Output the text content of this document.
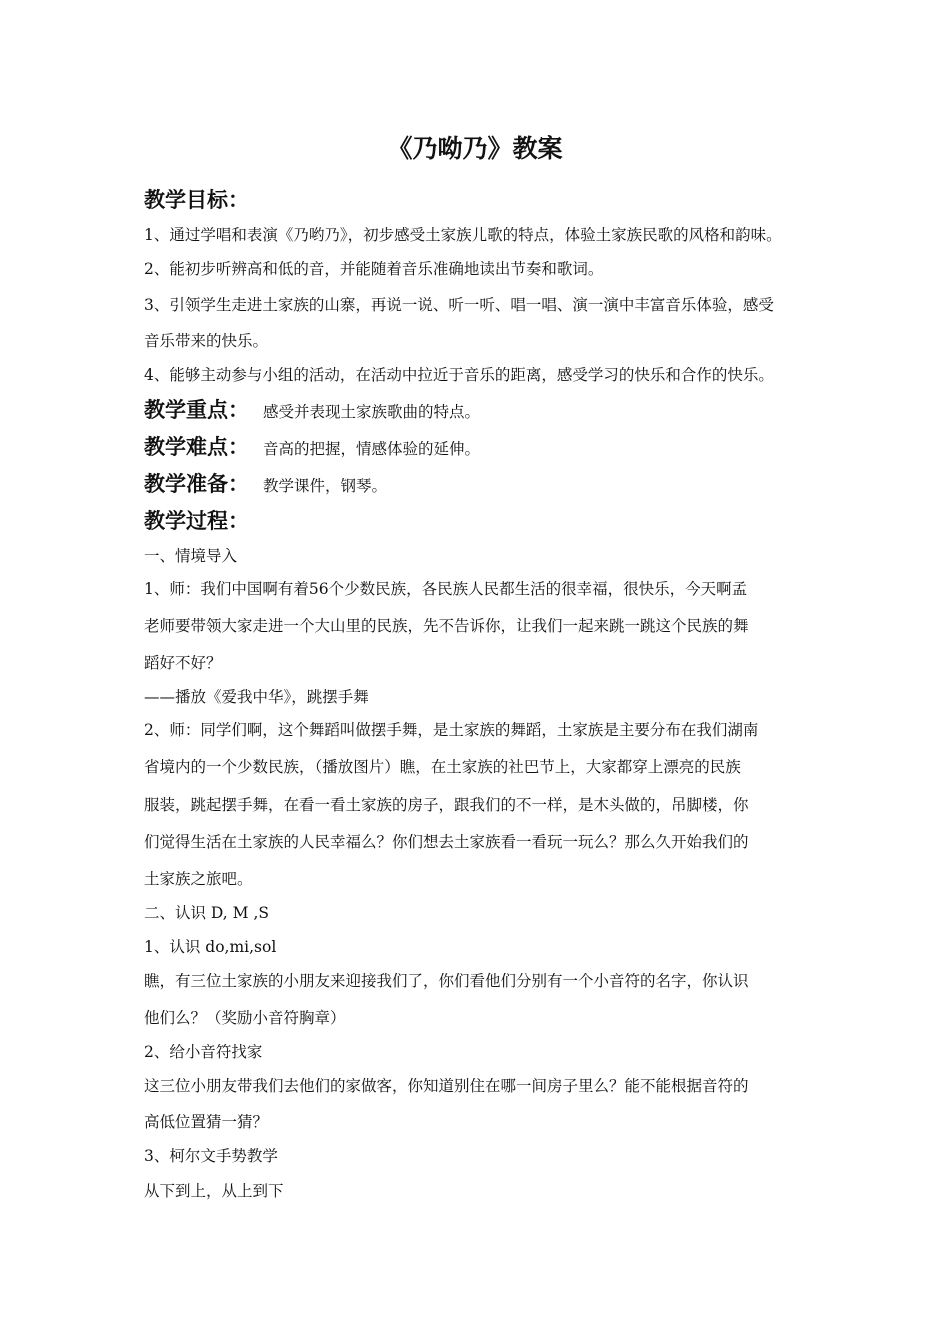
《乃呦乃》教案
教学目标：
1、通过学唱和表演《乃哟乃》，初步感受土家族儿歌的特点，体验土家族民歌的风格和韵味。
2、能初步听辨高和低的音，并能随着音乐准确地读出节奏和歌词。
3、引领学生走进土家族的山寨，再说一说、听一听、唱一唱、演一演中丰富音乐体验，感受
音乐带来的快乐。
4、能够主动参与小组的活动，在活动中拉近于音乐的距离，感受学习的快乐和合作的快乐。
教学重点： 感受并表现土家族歌曲的特点。
教学难点： 音高的把握，情感体验的延伸。
教学准备： 教学课件，钢琴。
教学过程：
一、情境导入
1、师：我们中国啊有着56个少数民族，各民族人民都生活的很幸福，很快乐，今天啊孟
老师要带领大家走进一个大山里的民族，先不告诉你，让我们一起来跳一跳这个民族的舞
蹈好不好？
——播放《爱我中华》，跳摆手舞
2、师：同学们啊，这个舞蹈叫做摆手舞，是土家族的舞蹈，土家族是主要分布在我们湖南
省境内的一个少数民族，（播放图片）瞧，在土家族的社巴节上，大家都穿上漂亮的民族
服装，跳起摆手舞，在看一看土家族的房子，跟我们的不一样，是木头做的，吊脚楼，你
们觉得生活在土家族的人民幸福么？你们想去土家族看一看玩一玩么？那么久开始我们的
土家族之旅吧。
二、认识 D, M ,S
1、认识 do,mi,sol
瞧，有三位土家族的小朋友来迎接我们了，你们看他们分别有一个小音符的名字，你认识
他们么？（奖励小音符胸章）
2、给小音符找家
这三位小朋友带我们去他们的家做客，你知道别住在哪一间房子里么？能不能根据音符的
高低位置猜一猜？
3、柯尔文手势教学
从下到上，从上到下
